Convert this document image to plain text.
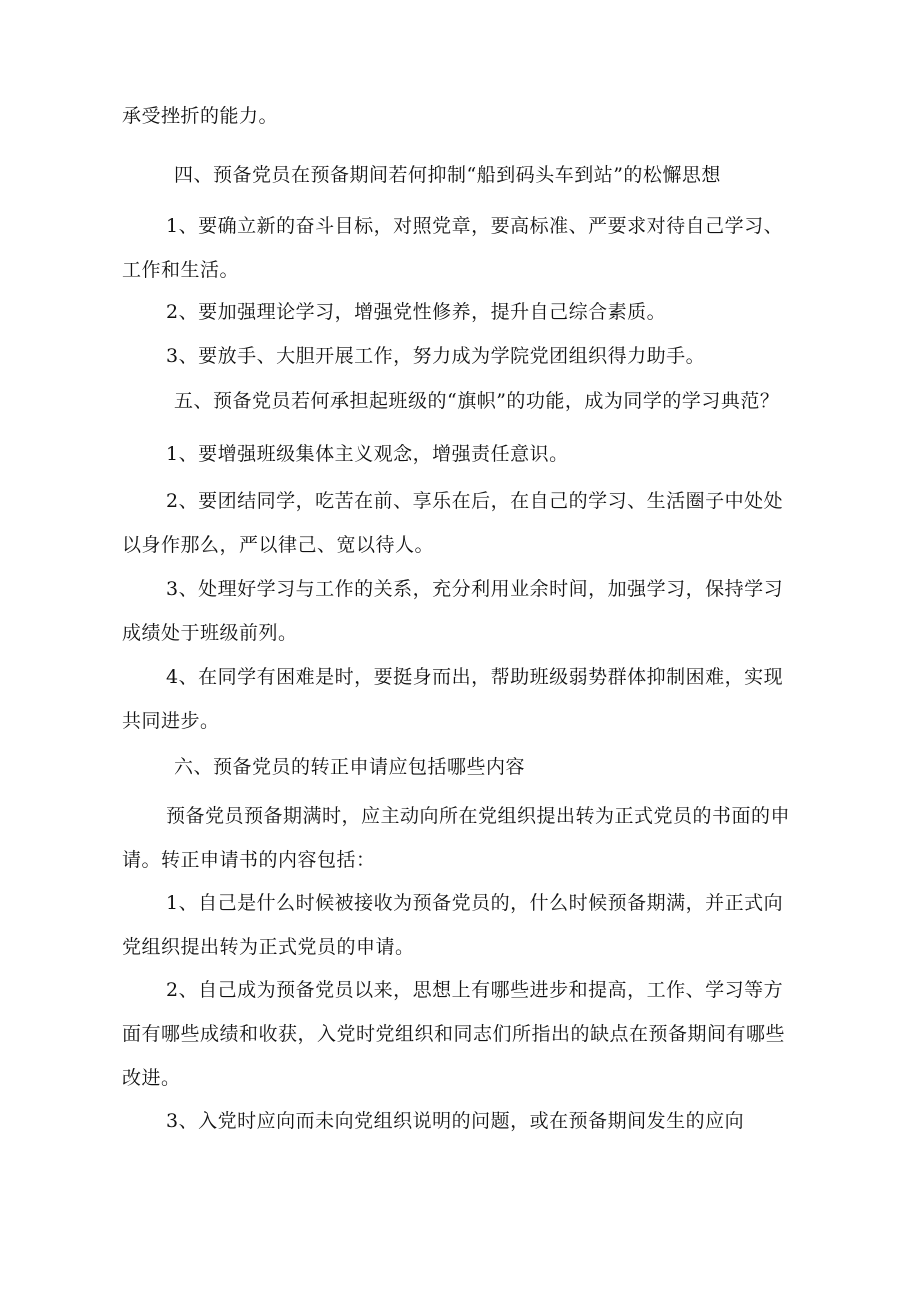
承受挫折的能力。
四、预备党员在预备期间若何抑制“船到码头车到站”的松懈思想
1、要确立新的奋斗目标，对照党章，要高标准、严要求对待自己学习、
工作和生活。
2、要加强理论学习，增强党性修养，提升自己综合素质。
3、要放手、大胆开展工作，努力成为学院党团组织得力助手。
五、预备党员若何承担起班级的“旗帜”的功能，成为同学的学习典范？
1、要增强班级集体主义观念，增强责任意识。
2、要团结同学，吃苦在前、享乐在后，在自己的学习、生活圈子中处处
以身作那么，严以律己、宽以待人。
3、处理好学习与工作的关系，充分利用业余时间，加强学习，保持学习
成绩处于班级前列。
4、在同学有困难是时，要挺身而出，帮助班级弱势群体抑制困难，实现
共同进步。
六、预备党员的转正申请应包括哪些内容
预备党员预备期满时，应主动向所在党组织提出转为正式党员的书面的申
请。转正申请书的内容包括：
1、自己是什么时候被接收为预备党员的，什么时候预备期满，并正式向
党组织提出转为正式党员的申请。
2、自己成为预备党员以来，思想上有哪些进步和提高，工作、学习等方
面有哪些成绩和收获，入党时党组织和同志们所指出的缺点在预备期间有哪些
改进。
3、入党时应向而未向党组织说明的问题，或在预备期间发生的应向
